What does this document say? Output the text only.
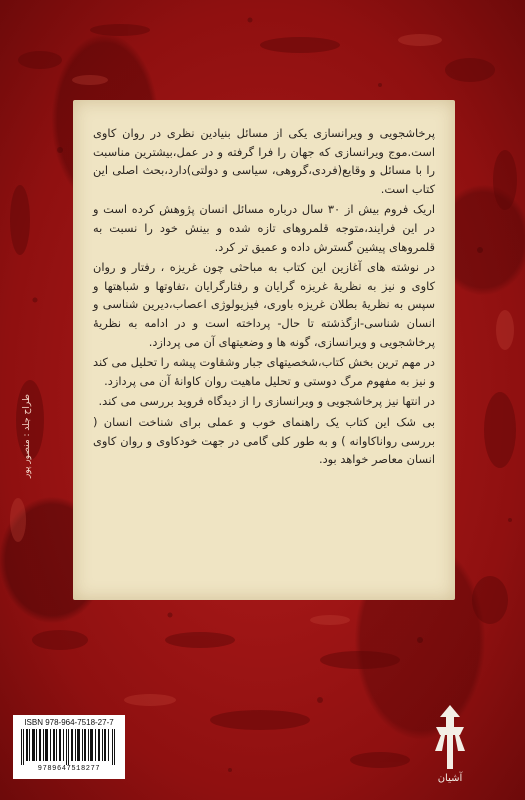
پرخاشجویی و ویرانسازی یکی از مسائل بنیادین نظری در روان کاوی است.موج ویرانسازی که جهان را فرا گرفته و در عمل،بیشترین مناسبت را با مسائل و وقایع(فردی،گروهی، سیاسی و دولتی)دارد،بحث اصلی این کتاب است.

اریک فروم بیش از ۳۰ سال درباره مسائل انسان پژوهش کرده است و در این فرایند،متوجه قلمروهای تازه شده و بینش خود را نسبت به قلمروهای پیشین گسترش داده و عمیق تر کرد.

در نوشته های آغازین این کتاب به مباحثی چون غریزه ، رفتار و روان کاوی و نیز به نظریهٔ غریزه گرایان و رفتارگرایان ،تفاوتها و شباهتها و سپس به نظریهٔ بطلان غریزه باوری، فیزیولوژی اعصاب،دیرین شناسی و انسان شناسی-ازگذشته تا حال- پرداخته است و در ادامه به نظریهٔ پرخاشجویی و ویرانسازی، گونه ها و وضعیتهای آن می پردازد.

در مهم ترین بخش کتاب،شخصیتهای جبار وشقاوت پیشه را تحلیل می کند و نیز به مفهوم مرگ دوستی و تحلیل ماهیت روان کاوانهٔ آن می پردازد.

در انتها نیز پرخاشجویی و ویرانسازی را از دیدگاه فروید بررسی می کند.

بی شک این کتاب یک راهنمای خوب و عملی برای شناخت انسان ( بررسی رواناکاوانه ) و به طور کلی گامی در جهت خودکاوی و روان کاوی انسان معاصر خواهد بود.

طراح جلد : منصور پور
ISBN 978-964-7518-27-7
9789647518277
آشیان
